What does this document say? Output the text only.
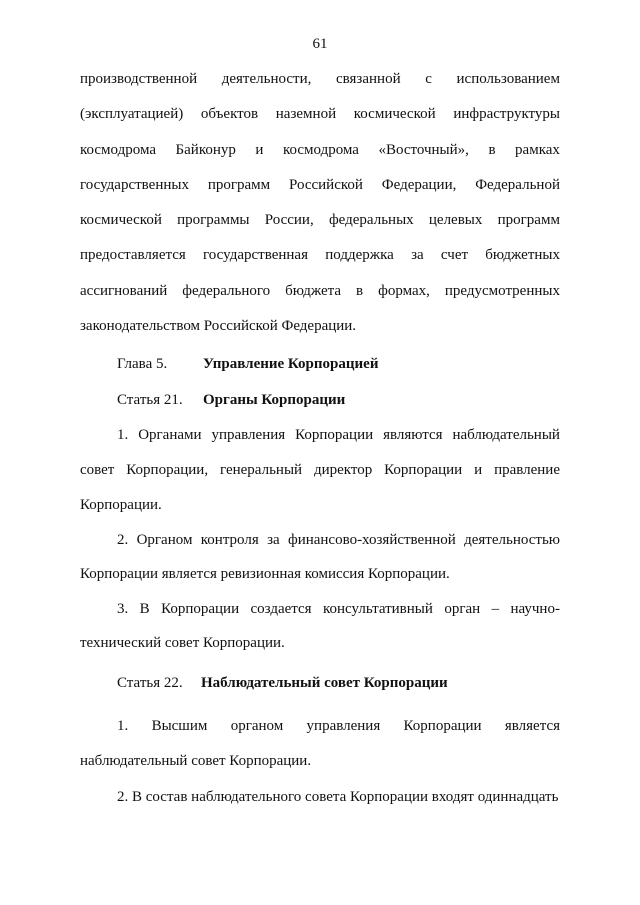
61
производственной деятельности, связанной с использованием
(эксплуатацией) объектов наземной космической инфраструктуры
космодрома Байконур и космодрома «Восточный», в рамках
государственных программ Российской Федерации, Федеральной
космической программы России, федеральных целевых программ
предоставляется государственная поддержка за счет бюджетных
ассигнований федерального бюджета в формах, предусмотренных
законодательством Российской Федерации.
Глава 5. Управление Корпорацией
Статья 21. Органы Корпорации
1. Органами управления Корпорации являются наблюдательный
совет Корпорации, генеральный директор Корпорации и правление
Корпорации.
2. Органом контроля за финансово-хозяйственной деятельностью
Корпорации является ревизионная комиссия Корпорации.
3. В Корпорации создается консультативный орган – научно-
технический совет Корпорации.
Статья 22. Наблюдательный совет Корпорации
1. Высшим органом управления Корпорации является
наблюдательный совет Корпорации.
2. В состав наблюдательного совета Корпорации входят одиннадцать
